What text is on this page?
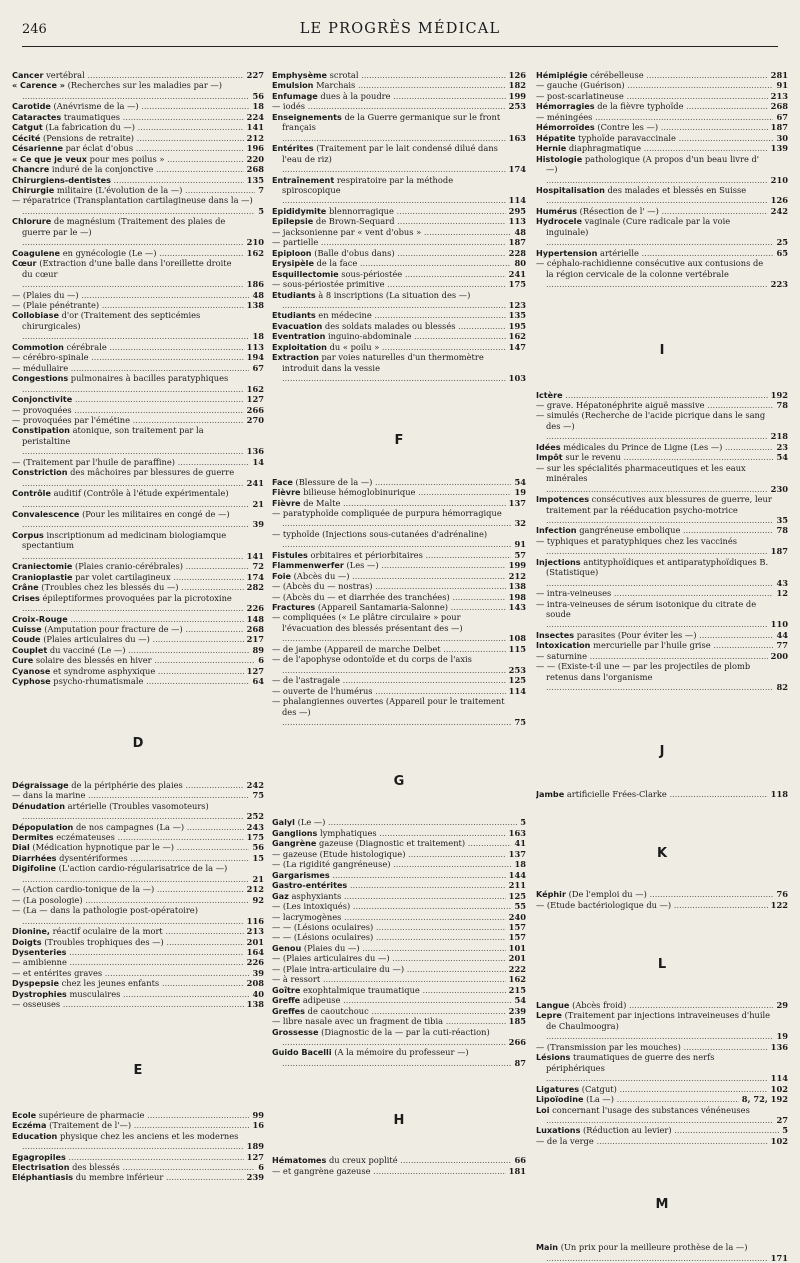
246	LE PROGRÈS MÉDICAL
Cancer vertébral .....	227
« Carence » (Recherches sur les maladies par —) .....
56
Carotide (Anévrisme de la —) .....	18
Cataractes traumatiques .....	224
Catgut (La fabrication du —) .....	141
Cécité (Pensions de retraite) .....	212
Césarienne par éclat d'obus .....	196
« Ce que je veux pour mes poilus » .....	220
Chancre induré de la conjonctive .....	268
Chirurgiens-dentistes .....	135
Chirurgie militaire (L'évolution de la —) .....	7
— réparatrice (Transplantation cartilagineuse dans la —) .....
5
Chlorure de magnésium (Traitement des plaies de guerre par le —) .....
210
Coagulene en gynécologie (Le —) .....	162
Cœur (Extraction d'une balle dans l'oreillette droite du cœur .....
186
— (Plaies du —) .....	48
— (Plaie pénétrante) .....	138
Collobiase d'or (Traitement des septicémies chirurgicales) .....
18
Commotion cérébrale .....	113
— cérébro-spinale .....	194
— médullaire .....	67
Congestions pulmonaires à bacilles paratyphiques .....
162
Conjonctivite .....	127
— provoquées .....	266
— provoquées par l'émétine .....	270
Constipation atonique, son traitement par la peristaltine .....
136
— (Traitement par l'huile de paraffine) .....	14
Constriction des mâchoires par blessures de guerre .....
241
Contrôle auditif (Contrôle à l'étude expérimentale) .....
21
Convalescence (Pour les militaires en congé de —) .....
39
Corpus inscriptionum ad medicinam biologiamque spectantium .....
141
Craniectomie (Plaies cranio-cérébrales) .....	72
Cranioplastie par volet cartilagineux .....	174
Crâne (Troubles chez les blessés du —) .....	282
Crises épileptiformes provoquées par la picrotoxine .....
226
Croix-Rouge .....	148
Cuisse (Amputation pour fracture de —) .....	268
Coude (Plaies articulaires du —) .....	217
Couplet du vacciné (Le —) .....	89
Cure solaire des blessés en hiver .....	6
Cyanose et syndrome asphyxique .....	127
Cyphose psycho-rhumatismale .....	64
D
Dégraissage de la périphérie des plaies .....	242
— dans la marine .....	75
Dénudation artérielle (Troubles vasomoteurs) .....
252
Dépopulation de nos campagnes (La —) .....	243
Dermites eczémateuses .....	175
Dial (Médication hypnotique par le —) .....	56
Diarrhées dysentériformes .....	15
Digifoline (L'action cardio-régularisatrice de la —) .....
21
— (Action cardio-tonique de la —) .....	212
— (La posologie) .....	92
— (La — dans la pathologie post-opératoire) .....
116
Dionine, réactif oculaire de la mort .....	213
Doigts (Troubles trophiques des —) .....	201
Dysenteries .....	164
— amibienne .....	226
— et entérites graves .....	39
Dyspepsie chez les jeunes enfants .....	208
Dystrophies musculaires .....	40
— osseuses .....	138
E
Ecole supérieure de pharmacie .....	99
Eczéma (Traitement de l'—) .....	16
Education physique chez les anciens et les modernes .....
189
Egagropiles .....	127
Electrisation des blessés .....	6
Eléphantiasis du membre inférieur .....	239
Emphysème scrotal .....	126
Emulsion Marchais .....	182
Enfumage dues à la poudre .....	199
— iodés .....	253
Enseignements de la Guerre germanique sur le front français .....
163
Entérites (Traitement par le lait condensé dilué dans l'eau de riz) .....
174
Entraînement respiratoire par la méthode spiroscopique .....
114
Epididymite blennorragique .....	295
Epilepsie de Brown-Sequard .....	113
— jacksonienne par « vent d'obus » .....	48
— partielle .....	187
Epiploon (Balle d'obus dans) .....	228
Erysipèle de la face .....	80
Esquillectomie sous-périostée .....	241
— sous-périostée primitive .....	175
Etudiants à 8 inscriptions (La situation des —) .....
123
Etudiants en médecine .....	135
Evacuation des soldats malades ou blessés .....	195
Eventration inguino-abdominale .....	162
Exploitation du « poilu » .....	147
Extraction par voies naturelles d'un thermomètre introduit dans la vessie .....
103
F
Face (Blessure de la —) .....	54
Fièvre bilieuse hémoglobinurique .....	19
Fièvre de Malte .....	137
— paratyphoïde compliquée de purpura hémorragique .....
32
— typhoïde (Injections sous-cutanées d'adrénaline) .....
91
Fistules orbitaires et périorbitaires .....	57
Flammenwerfer (Les —) .....	199
Foie (Abcès du —) .....	212
— (Abcès du — nostras) .....	138
— (Abcès du — et diarrhée des tranchées) .....	198
Fractures (Appareil Santamaria-Salonne) .....	143
— compliquées (« Le plâtre circulaire » pour l'évacuation des blessés présentant des —) .....
108
— de jambe (Appareil de marche Delbet .....	115
— de l'apophyse odontoïde et du corps de l'axis .....
253
— de l'astragale .....	125
— ouverte de l'humérus .....	114
— phalangiennes ouvertes (Appareil pour le traitement des —) .....
75
G
Galyl (Le —) .....	5
Ganglions lymphatiques .....	163
Gangrène gazeuse (Diagnostic et traitement) .....	41
— gazeuse (Etude histologique) .....	137
— (La rigidité gangréneuse) .....	18
Gargarismes .....	144
Gastro-entérites .....	211
Gaz asphyxiants .....	125
— (Les intoxiqués) .....	55
— lacrymogènes .....	240
— — (Lésions oculaires) .....	157
— — (Lésions oculaires) .....	157
Genou (Plaies du —) .....	101
— (Plaies articulaires du —) .....	201
— (Plaie intra-articulaire du —) .....	222
— à ressort .....	162
Goître exophtalmique traumatique .....	215
Greffe adipeuse .....	54
Greffes de caoutchouc .....	239
— libre nasale avec un fragment de tibia .....	185
Grossesse (Diagnostic de la — par la cuti-réaction) .....
266
Guido Bacelli (A la mémoire du professeur —) .....
87
H
Hématomes du creux poplité .....	66
— et gangrène gazeuse .....	181
Hémiplégie cérébelleuse .....	281
— gauche (Guérison) .....	91
— post-scarlatineuse .....	213
Hémorragies de la fièvre typhoïde .....	268
— méningées .....	67
Hémorroïdes (Contre les —) .....	187
Hépatite typhoïde paravaccinale .....	30
Hernie diaphragmatique .....	139
Histologie pathologique (A propos d'un beau livre d' —) .....
210
Hospitalisation des malades et blessés en Suisse .....
126
Humérus (Résection de l' —) .....	242
Hydrocele vaginale (Cure radicale par la voie inguinale) .....
25
Hypertension artérielle .....	65
— céphalo-rachidienne consécutive aux contusions de la région cervicale de la colonne vertébrale .....
223
I
Ictère .....	192
— grave. Hépatonéphrite aiguë massive .....	78
— simulés (Recherche de l'acide picrique dans le sang des —) .....
218
Idées médicales du Prince de Ligne (Les —) .....	23
Impôt sur le revenu .....	54
— sur les spécialités pharmaceutiques et les eaux minérales .....
230
Impotences consécutives aux blessures de guerre, leur traitement par la rééducation psycho-motrice .....
35
Infection gangréneuse embolique .....	78
— typhiques et paratyphiques chez les vaccinés .....
187
Injections antityphoïdiques et antiparatyphoïdiques B. (Statistique) .....
43
— intra-veineuses .....	12
— intra-veineuses de sérum isotonique du citrate de soude .....
110
Insectes parasites (Pour éviter les —) .....	44
Intoxication mercurielle par l'huile grise .....	77
— saturnine .....	200
— — (Existe-t-il une — par les projectiles de plomb retenus dans l'organisme .....
82
J
Jambe artificielle Frées-Clarke .....	118
K
Képhir (De l'emploi du —) .....	76
— (Etude bactériologique du —) .....	122
L
Langue (Abcès froid) .....	29
Lepre (Traitement par injections intraveineuses d'huile de Chaulmoogra) .....
19
— (Transmission par les mouches) .....	136
Lésions traumatiques de guerre des nerfs périphériques .....
114
Ligatures (Catgut) .....	102
Lipoïodine (La —) .....	8, 72, 192
Loi concernant l'usage des substances vénéneuses .....
27
Luxations (Réduction au levier) .....	5
— de la verge .....	102
M
Main (Un prix pour la meilleure prothèse de la —) .....
171
